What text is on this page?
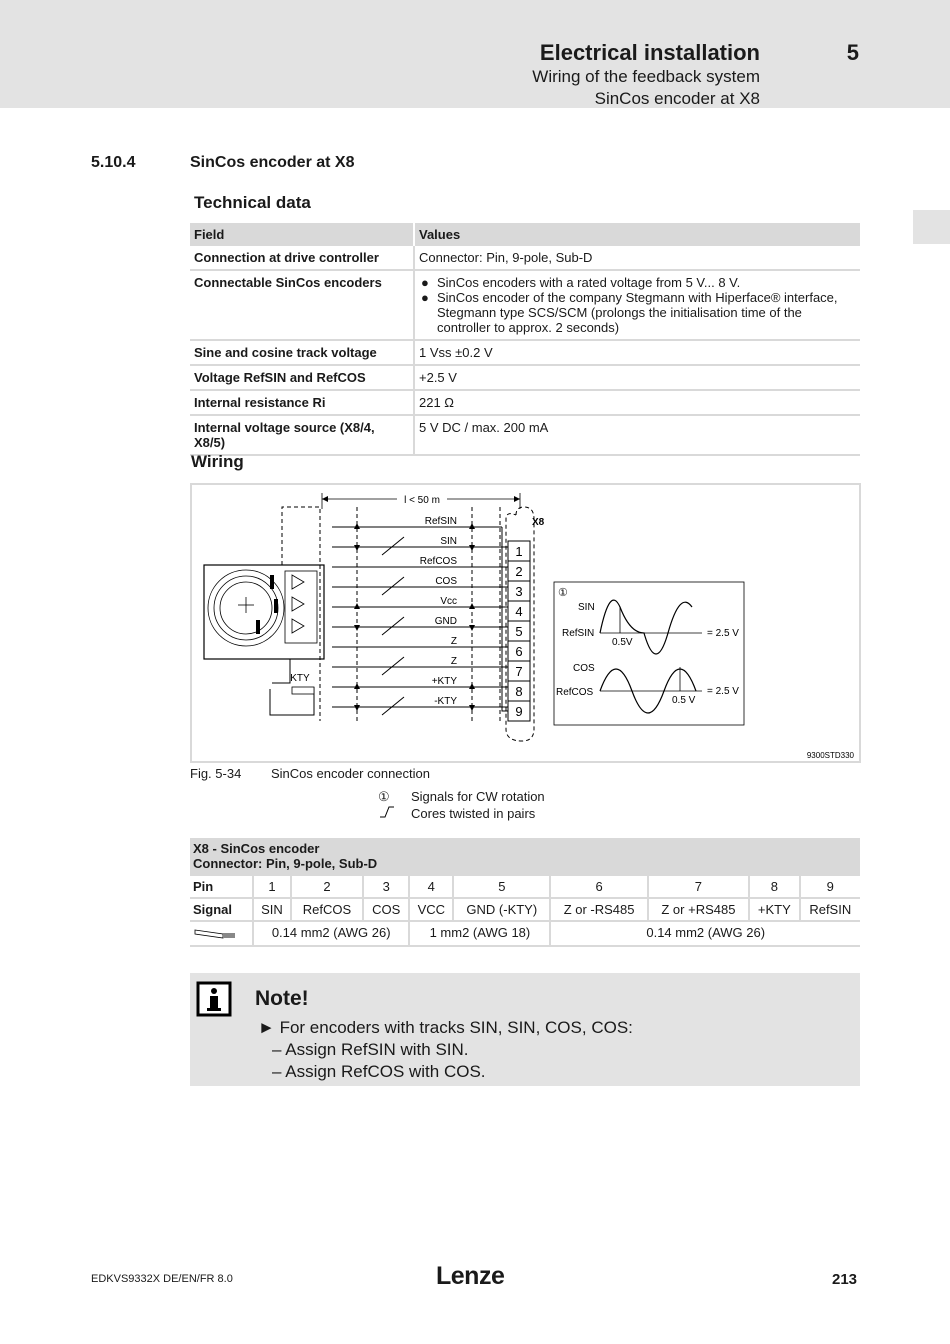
Electrical installation	5
Wiring of the feedback system
SinCos encoder at X8
5.10.4	SinCos encoder at X8
Technical data
Field	Values
Connection at drive controller	Connector: Pin, 9-pole, Sub-D
Connectable SinCos encoders	● SinCos encoders with a rated voltage from 5 V... 8 V.
● SinCos encoder of the company Stegmann with Hiperface® interface, Stegmann type SCS/SCM (prolongs the initialisation time of the controller to approx. 2 seconds)

Sine and cosine track voltage	1 Vss ±0.2 V
Voltage RefSIN and RefCOS	+2.5 V
Internal resistance Ri	221 Ω
Internal voltage source (X8/4, X8/5)	5 V DC / max. 200 mA
Wiring
l < 50 m
RefSIN
SIN
RefCOS
COS
Vcc
GND
Z
Z
+KTY
-KTY
KTY
X8
1
2
3
4
5
6
7
8
9
①
SIN
RefSIN
COS
RefCOS
0.5V
0.5 V
= 2.5 V
= 2.5 V
9300STD330
Fig. 5-34 SinCos encoder connection
①	Signals for CW rotation
Cores twisted in pairs
X8 - SinCos encoder
Connector: Pin, 9-pole, Sub-D									

Pin	1	2	3	4	5	6	7	8	9
Signal	SIN	RefCOS	COS	VCC	GND (-KTY)	Z or -RS485	Z or +RS485	+KTY	RefSIN
	0.14 mm2 (AWG 26)			1 mm2 (AWG 18)		0.14 mm2 (AWG 26)			
Note!
► For encoders with tracks SIN, SIN, COS, COS:
– Assign RefSIN with SIN.
– Assign RefCOS with COS.
EDKVS9332X DE/EN/FR 8.0	Lenze	213
